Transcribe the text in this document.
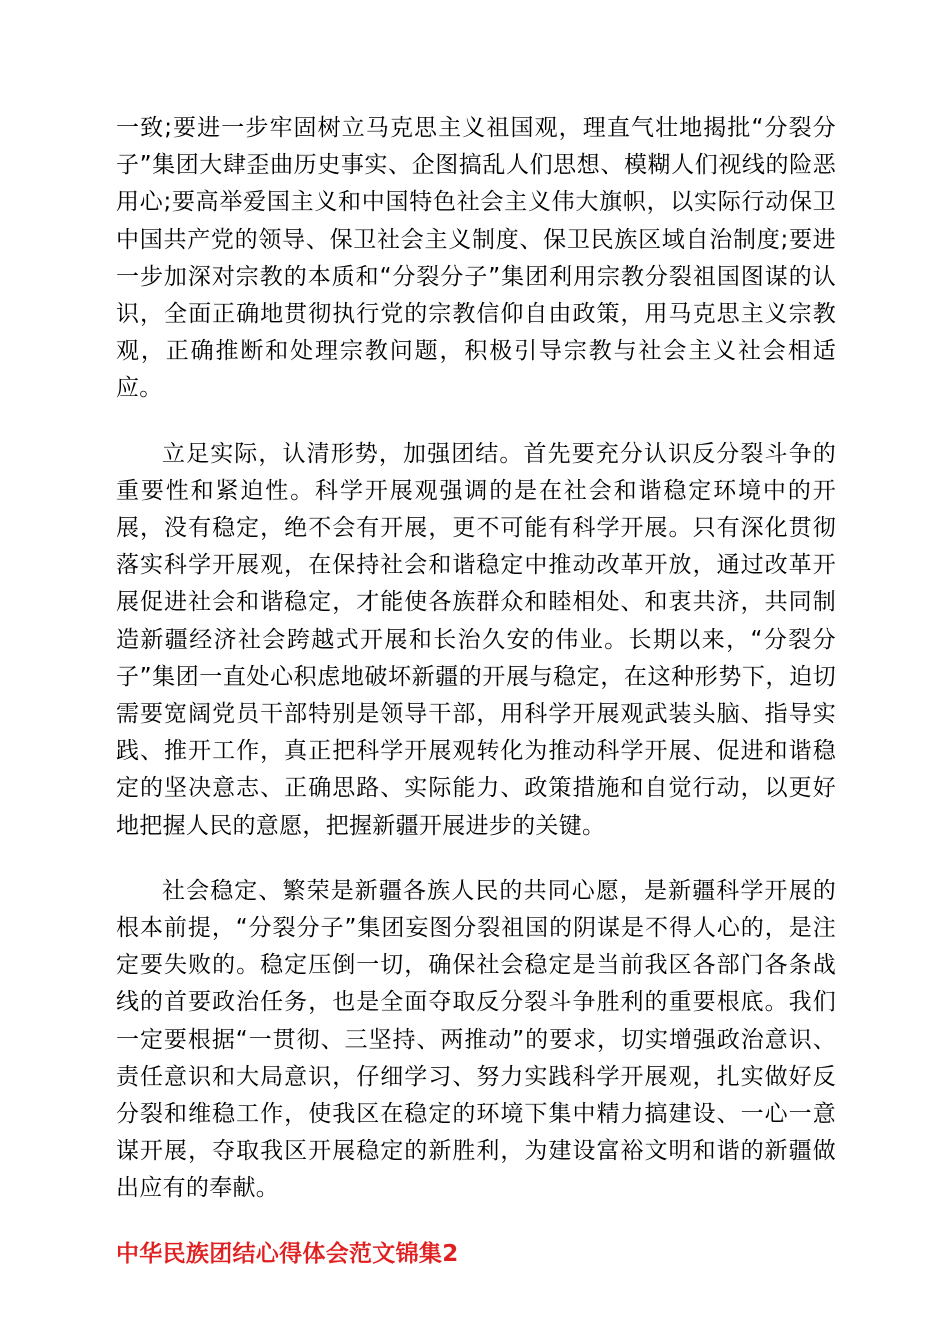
一致;要进一步牢固树立马克思主义祖国观，理直气壮地揭批“分裂分子”集团大肆歪曲历史事实、企图搞乱人们思想、模糊人们视线的险恶用心;要高举爱国主义和中国特色社会主义伟大旗帜，以实际行动保卫中国共产党的领导、保卫社会主义制度、保卫民族区域自治制度;要进一步加深对宗教的本质和“分裂分子”集团利用宗教分裂祖国图谋的认识，全面正确地贯彻执行党的宗教信仰自由政策，用马克思主义宗教观，正确推断和处理宗教问题，积极引导宗教与社会主义社会相适应。

立足实际，认清形势，加强团结。首先要充分认识反分裂斗争的重要性和紧迫性。科学开展观强调的是在社会和谐稳定环境中的开展，没有稳定，绝不会有开展，更不可能有科学开展。只有深化贯彻落实科学开展观，在保持社会和谐稳定中推动改革开放，通过改革开展促进社会和谐稳定，才能使各族群众和睦相处、和衷共济，共同制造新疆经济社会跨越式开展和长治久安的伟业。长期以来，“分裂分子”集团一直处心积虑地破坏新疆的开展与稳定，在这种形势下，迫切需要宽阔党员干部特别是领导干部，用科学开展观武装头脑、指导实践、推开工作，真正把科学开展观转化为推动科学开展、促进和谐稳定的坚决意志、正确思路、实际能力、政策措施和自觉行动，以更好地把握人民的意愿，把握新疆开展进步的关键。

社会稳定、繁荣是新疆各族人民的共同心愿，是新疆科学开展的根本前提，“分裂分子”集团妄图分裂祖国的阴谋是不得人心的，是注定要失败的。稳定压倒一切，确保社会稳定是当前我区各部门各条战线的首要政治任务，也是全面夺取反分裂斗争胜利的重要根底。我们一定要根据“一贯彻、三坚持、两推动”的要求，切实增强政治意识、责任意识和大局意识，仔细学习、努力实践科学开展观，扎实做好反分裂和维稳工作，使我区在稳定的环境下集中精力搞建设、一心一意谋开展，夺取我区开展稳定的新胜利，为建设富裕文明和谐的新疆做出应有的奉献。

中华民族团结心得体会范文锦集2
